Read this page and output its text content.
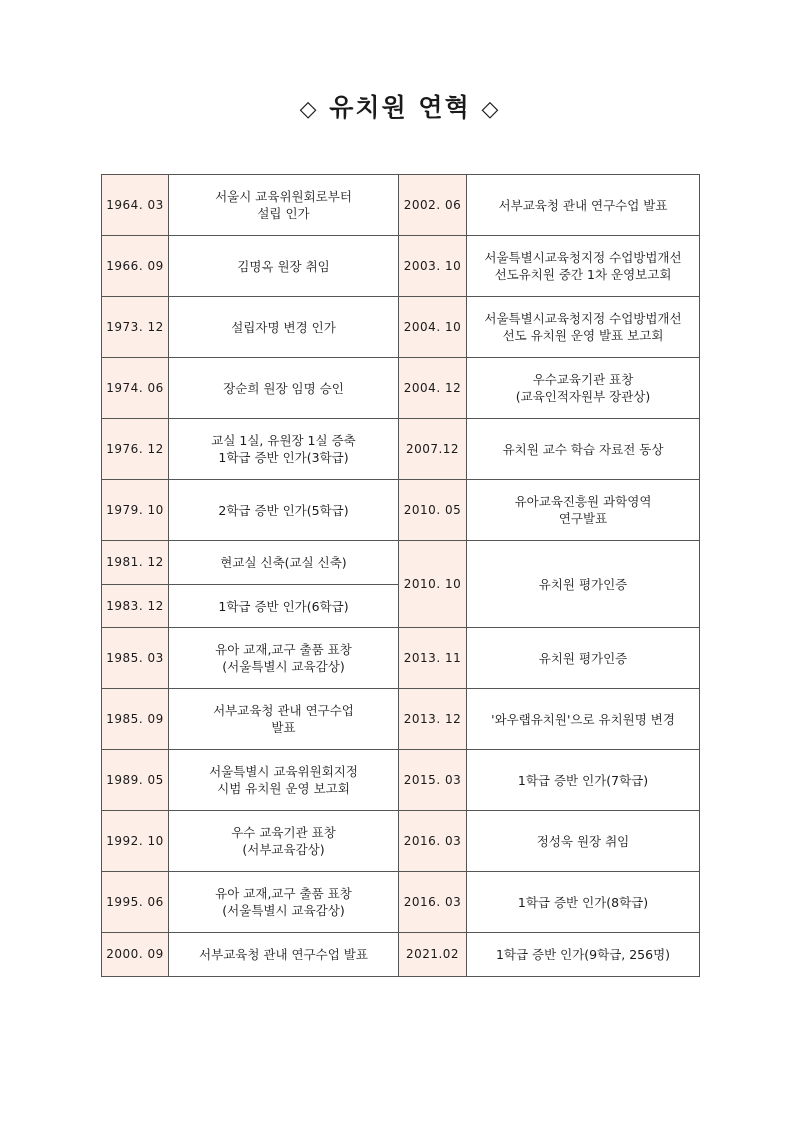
◇ 유치원 연혁 ◇
1964. 03	서울시 교육위원회로부터
설립 인가	2002. 06	서부교육청 관내 연구수업 발표

1966. 09	김명옥 원장 취임	2003. 10	서울특별시교육청지정 수업방법개선
선도유치원 중간 1차 운영보고회

1973. 12	설립자명 변경 인가	2004. 10	서울특별시교육청지정 수업방법개선
선도 유치원 운영 발표 보고회

1974. 06	장순희 원장 임명 승인	2004. 12	우수교육기관 표창
(교육인적자원부 장관상)

1976. 12	교실 1실, 유원장 1실 증축
1학급 증반 인가(3학급)	2007.12	유치원 교수 학습 자료전 동상

1979. 10	2학급 증반 인가(5학급)	2010. 05	유아교육진흥원 과학영역
연구발표

1981. 12	현교실 신축(교실 신축)	2010. 10	유치원 평가인증

1983. 12	1학급 증반 인가(6학급)		

1985. 03	유아 교재,교구 출품 표창
(서울특별시 교육감상)	2013. 11	유치원 평가인증

1985. 09	서부교육청 관내 연구수업
발표	2013. 12	'와우랩유치원'으로 유치원명 변경

1989. 05	서울특별시 교육위원회지정
시범 유치원 운영 보고회	2015. 03	1학급 증반 인가(7학급)

1992. 10	우수 교육기관 표창
(서부교육감상)	2016. 03	정성욱 원장 취임

1995. 06	유아 교재,교구 출품 표창
(서울특별시 교육감상)	2016. 03	1학급 증반 인가(8학급)

2000. 09	서부교육청 관내 연구수업 발표	2021.02	1학급 증반 인가(9학급, 256명)
